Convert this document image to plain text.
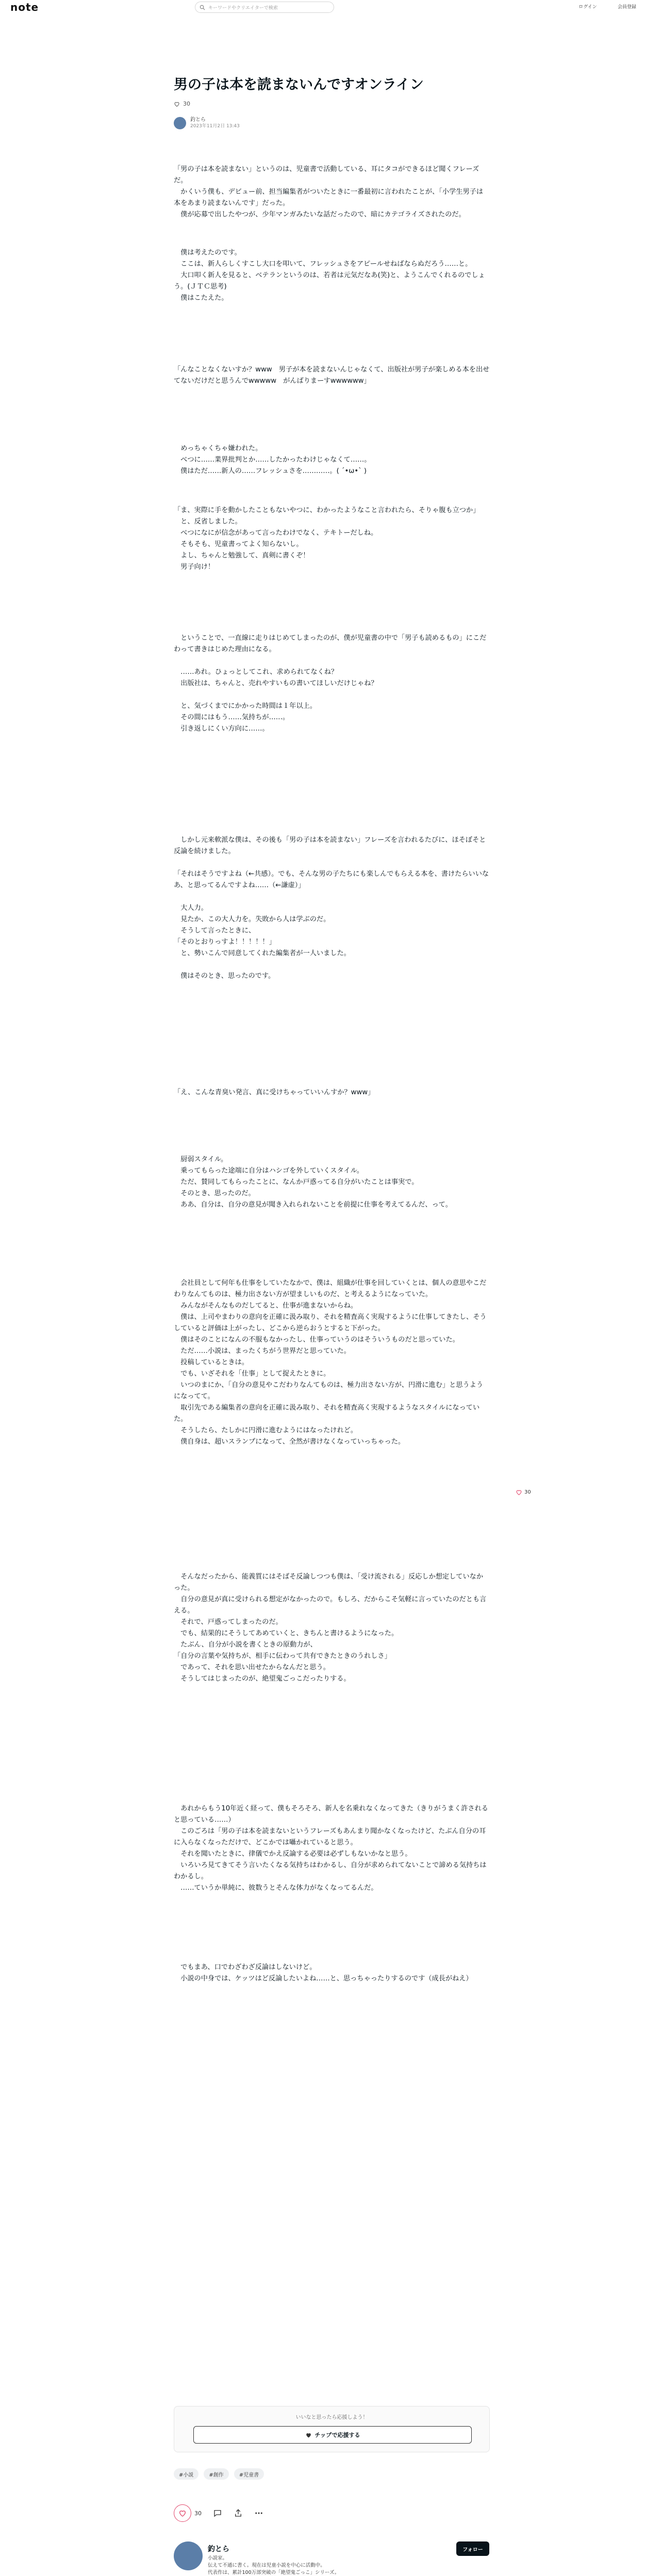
note	キーワードやクリエイターで検索	ログイン	会員登録
男の子は本を読まないんですオンライン
30
釣とら
2023年11月2日 13:43

「男の子は本を読まない」というのは、児童書で活動している、耳にタコができるほど聞くフレーズだ。
　かくいう僕も、デビュー前、担当編集者がついたときに一番最初に言われたことが、「小学生男子は本をあまり読まないんです」だった。
　僕が応募で出したやつが、少年マンガみたいな話だったので、暗にカテゴライズされたのだ。

　僕は考えたのです。
　ここは、新人らしくすこし大口を叩いて、フレッシュさをアピールせねばならぬだろう……と。
　大口叩く新人を見ると、ベテランというのは、若者は元気だなあ(笑)と、ようこんでくれるのでしょう。(ＪＴＣ思考)
　僕はこたえた。

「んなことなくないすか？www　男子が本を読まないんじゃなくて、出版社が男子が楽しめる本を出せてないだけだと思うんでwwwww　がんばりまーすwwwwww」

　めっちゃくちゃ嫌われた。
　べつに……業界批判とか……したかったわけじゃなくて……。
　僕はただ……新人の……フレッシュさを…………。( ´•ω•` )

「ま、実際に手を動かしたこともないやつに、わかったようなこと言われたら、そりゃ腹も立つか」
　と、反省しました。
　べつになにが信念があって言ったわけでなく、テキトーだしね。
　そもそも、児童書ってよく知らないし。
　よし、ちゃんと勉強して、真剣に書くぞ！
　男子向け！

　ということで、一直線に走りはじめてしまったのが、僕が児童書の中で「男子も読めるもの」にこだわって書きはじめた理由になる。

　……あれ。ひょっとしてこれ、求められてなくね？
　出版社は、ちゃんと、売れやすいもの書いてほしいだけじゃね？

　と、気づくまでにかかった時間は１年以上。
　その間にはもう……気持ちが……。
　引き返しにくい方向に……。

　しかし元来軟派な僕は、その後も「男の子は本を読まない」フレーズを言われるたびに、ほそぼそと反論を続けました。

「それはそうですよね（←共感）。でも、そんな男の子たちにも楽しんでもらえる本を、書けたらいいなあ、と思ってるんですよね……（←謙虚）」

　大人力。
　見たか、この大人力を。失敗から人は学ぶのだ。
　そうして言ったときに、
「そのとおりっすよ！！！！！」
　と、勢いこんで同意してくれた編集者が一人いました。

　僕はそのとき、思ったのです。

「え、こんな青臭い発言、真に受けちゃっていいんすか？www」

　厨弱スタイル。
　乗ってもらった途端に自分はハシゴを外していくスタイル。
　ただ、賛同してもらったことに、なんか戸惑ってる自分がいたことは事実で。
　そのとき、思ったのだ。
　ああ、自分は、自分の意見が聞き入れられないことを前提に仕事を考えてるんだ、って。

　会社員として何年も仕事をしていたなかで、僕は、組織が仕事を回していくとは、個人の意思やこだわりなんてものは、極力出さない方が望ましいものだ、と考えるようになっていた。
　みんながそんなものだしてると、仕事が進まないからね。
　僕は、上司やまわりの意向を正確に汲み取り、それを精査高く実現するように仕事してきたし、そうしていると評価は上がったし、どこから逆らおうとすると下がった。
　僕はそのことになんの不服もなかったし、仕事っていうのはそういうものだと思っていた。
　ただ……小説は、まったくちがう世界だと思っていた。
　投稿しているときは。
　でも、いざそれを「仕事」として捉えたときに。
　いつのまにか、「自分の意見やこだわりなんてものは、極力出さない方が、円滑に進む」と思うようになってて。
　取引先である編集者の意向を正確に汲み取り、それを精査高く実現するようなスタイルになっていた。
　そうしたら、たしかに円滑に進むようにはなったけれど。
　僕自身は、超いスランプになって、全然が書けなくなっていっちゃった。

　そんなだったから、能義質にはそばそ反論しつつも僕は、「受け流される」反応しか想定していなかった。
　自分の意見が真に受けられる想定がなかったので。もしろ、だからこそ気軽に言っていたのだとも言える。
　それで、戸惑ってしまったのだ。
　でも、結果的にそうしてあめていくと、きちんと書けるようになった。
　たぶん、自分が小説を書くときの原動力が、
「自分の言葉や気持ちが、相手に伝わって共有できたときのうれしさ」
　であって、それを思い出せたからなんだと思う。
　そうしてはじまったのが、絶望鬼ごっこだったりする。

　あれからもう10年近く経って、僕もそろそろ、新人を名乗れなくなってきた（きりがうまく許されると思っている……）
　このごろは「男の子は本を読まないというフレーズもあんまり聞かなくなったけど、たぶん自分の耳に入らなくなっただけで、どこかでは囁かれていると思う。
　それを聞いたときに、律儀でかえ反論する必要は必ずしもないかなと思う。
　いろいろ見てきてそう言いたくなる気持ちはわかるし、自分が求められてないことで諦める気持ちはわかるし。
　……ていうか単純に、彼数うとそんな体力がなくなってるんだ。

　でもまあ、口でわざわざ反論はしないけど。
　小説の中身では、ケッツはど反論したいよね……と、思っちゃったりするのです（成長がねえ）

30
いいなと思ったら応援しよう！
チップで応援する
#小説	#創作	#児童書
30
釣とら
小説家。
伝えて不通に書く。現在は児童小説を中心に活動中。
代表作は、累計100万部突破の「絶望鬼ごっこ」シリーズ。

フォロー
